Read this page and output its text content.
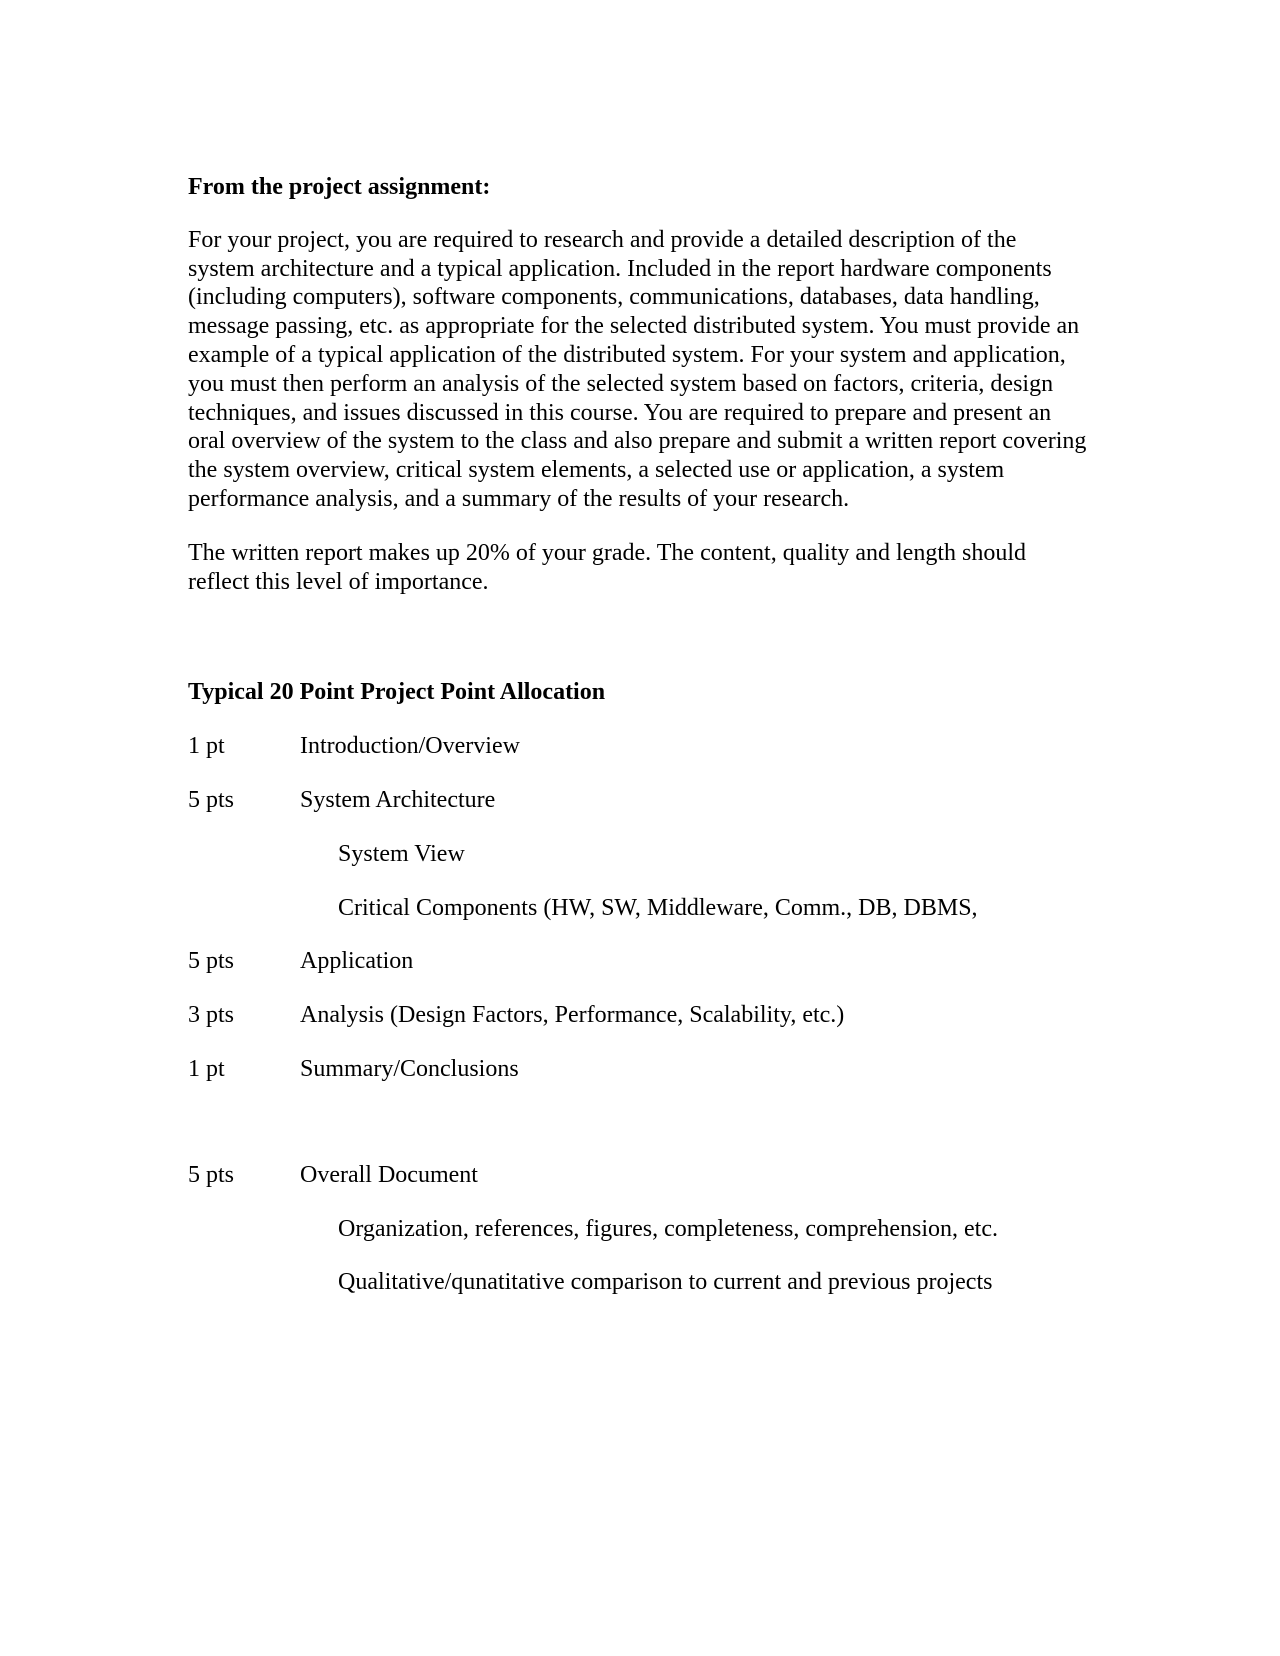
From the project assignment:

For your project, you are required to research and provide a detailed description of the system architecture and a typical application. Included in the report hardware components (including computers), software components, communications, databases, data handling, message passing, etc. as appropriate for the selected distributed system. You must provide an example of a typical application of the distributed system. For your system and application, you must then perform an analysis of the selected system based on factors, criteria, design techniques, and issues discussed in this course. You are required to prepare and present an oral overview of the system to the class and also prepare and submit a written report covering the system overview, critical system elements, a selected use or application, a system performance analysis, and a summary of the results of your research.

The written report makes up 20% of your grade. The content, quality and length should reflect this level of importance.

Typical 20 Point Project Point Allocation

1 pt	Introduction/Overview
5 pts	System Architecture
System View
Critical Components (HW, SW, Middleware, Comm., DB, DBMS,
5 pts	Application
3 pts	Analysis (Design Factors, Performance, Scalability, etc.)
1 pt	Summary/Conclusions
5 pts	Overall Document
Organization, references, figures, completeness, comprehension, etc.
Qualitative/qunatitative comparison to current and previous projects
